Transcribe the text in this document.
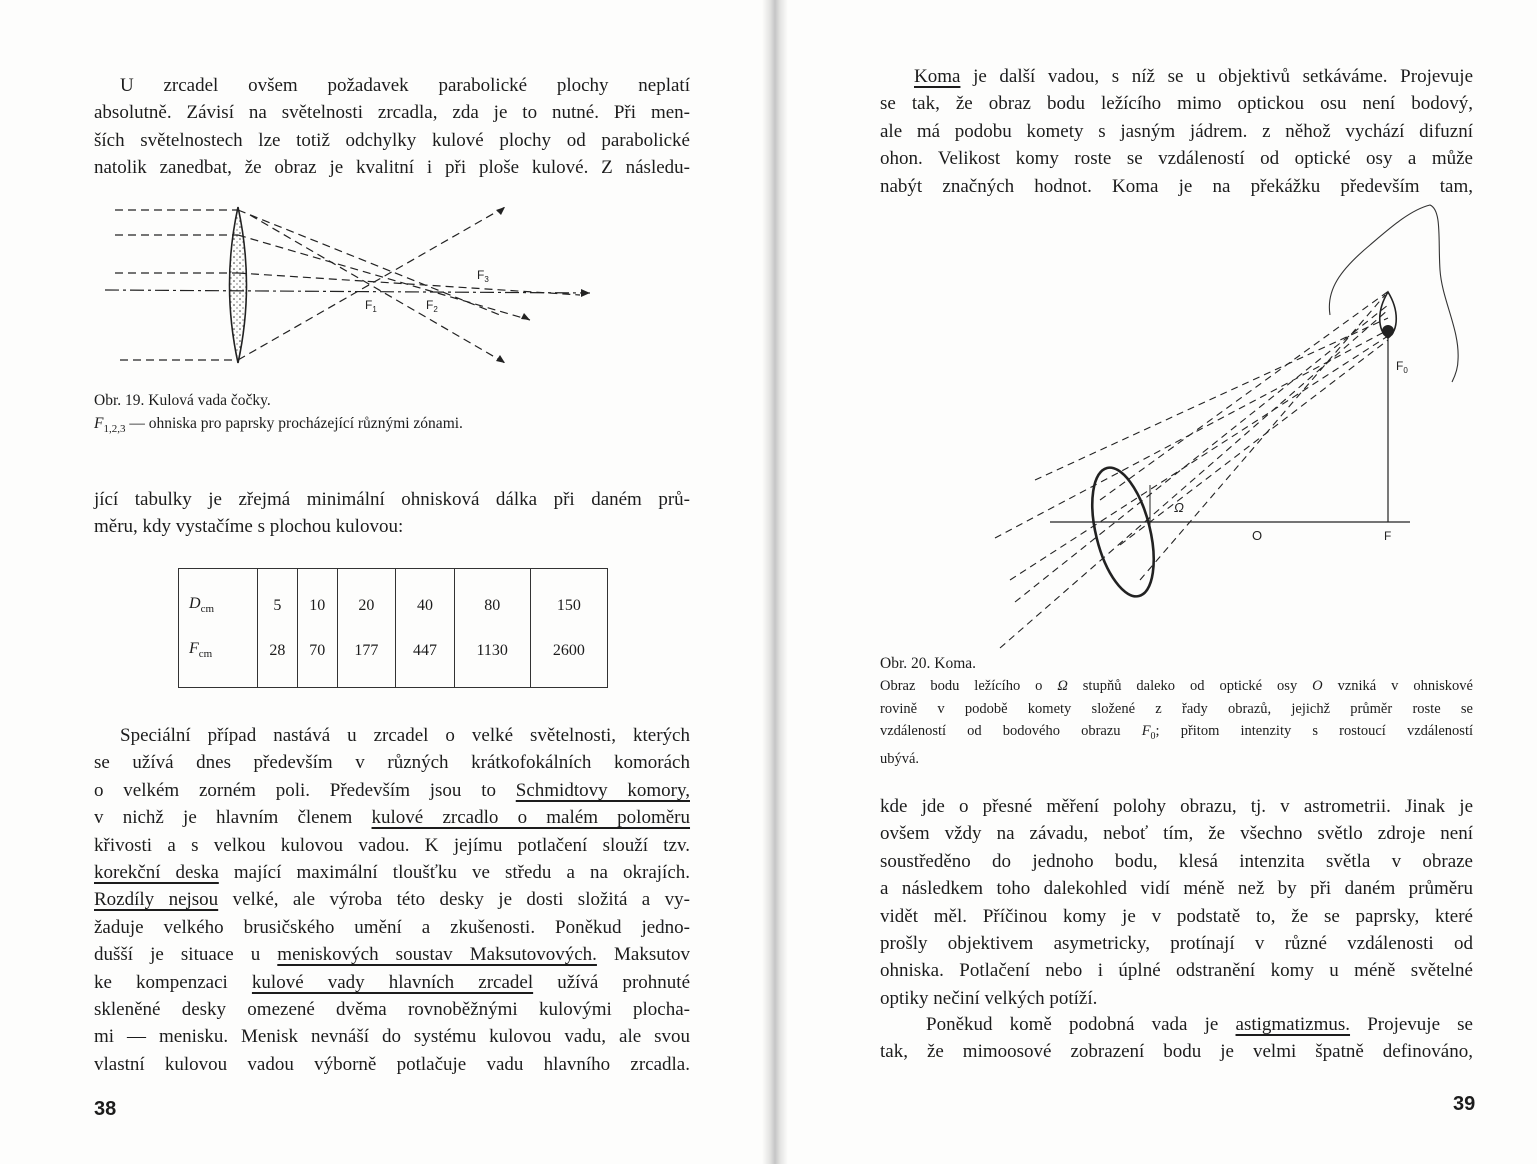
U zrcadel ovšem požadavek parabolické plochy neplatí
absolutně. Závisí na světelnosti zrcadla, zda je to nutné. Při men-
ších světelnostech lze totiž odchylky kulové plochy od parabolické
natolik zanedbat, že obraz je kvalitní i při ploše kulové. Z následu-
$F_1$	$F_2$
$F_3$

Obr. 19. Kulová vada čočky.

$F_{1,2,3}$ — ohniska pro paprsky procházející různými zónami.

jící tabulky je zřejmá minimální ohnisková dálka při daném prů-
měru, kdy vystačíme s plochou kulovou:
$D_{cm}$	5	10	20	40	80	150
$F_{cm}$	28	70	177	447	1130	2600
Speciální případ nastává u zrcadel o velké světelnosti, kterých
se užívá dnes především v různých krátkofokálních komorách
o velkém zorném poli. Především jsou to Schmidtovy komory,
v nichž je hlavním členem kulové zrcadlo o malém poloměru
křivosti a s velkou kulovou vadou. K jejímu potlačení slouží tzv.
korekční deska mající maximální tloušťku ve středu a na okrajích.
Rozdíly nejsou velké, ale výroba této desky je dosti složitá a vy-
žaduje velkého brusičského umění a zkušenosti. Poněkud jedno-
dušší je situace u meniskových soustav Maksutovových. Maksutov
ke kompenzaci kulové vady hlavních zrcadel užívá prohnuté
skleněné desky omezené dvěma rovnoběžnými kulovými plocha-
mi — menisku. Menisk nevnáší do systému kulovou vadu, ale svou
vlastní kulovou vadou výborně potlačuje vadu hlavního zrcadla.
38
Koma je další vadou, s níž se u objektivů setkáváme. Projevuje
se tak, že obraz bodu ležícího mimo optickou osu není bodový,
ale má podobu komety s jasným jádrem. z něhož vychází difuzní
ohon. Velikost komy roste se vzdáleností od optické osy a může
nabýt značných hodnot. Koma je na překážku především tam,
Ω
O	F
$F_0$

Obr. 20. Koma.

Obraz bodu ležícího o Ω stupňů daleko od optické osy O vzniká v ohniskové
rovině v podobě komety složené z řady obrazů, jejichž průměr roste se
vzdáleností od bodového obrazu $F_0$; přitom intenzity s rostoucí vzdáleností
ubývá.
kde jde o přesné měření polohy obrazu, tj. v astrometrii. Jinak je
ovšem vždy na závadu, neboť tím, že všechno světlo zdroje není
soustředěno do jednoho bodu, klesá intenzita světla v obraze
a následkem toho dalekohled vidí méně než by při daném průměru
vidět měl. Příčinou komy je v podstatě to, že se paprsky, které
prošly objektivem asymetricky, protínají v různé vzdálenosti od
ohniska. Potlačení nebo i úplné odstranění komy u méně světelné
optiky nečiní velkých potíží.
Poněkud komě podobná vada je astigmatizmus. Projevuje se
tak, že mimoosové zobrazení bodu je velmi špatně definováno,
39
